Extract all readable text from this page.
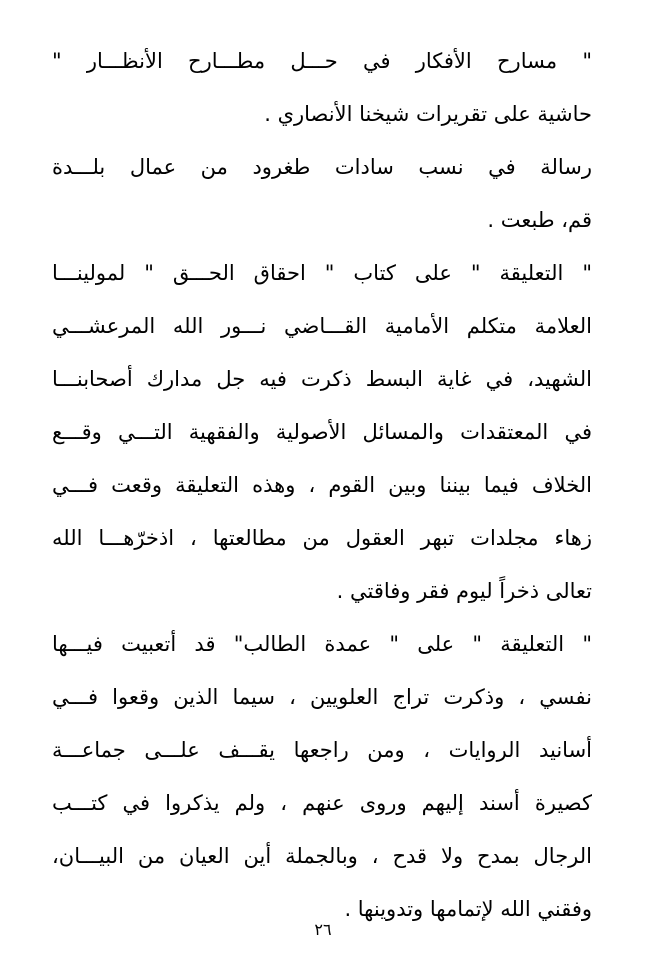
" مسارح الأفكار في حـــل مطـــارح الأنظـــار "
حاشية على تقريرات شيخنا الأنصاري .
رسالة في نسب سادات طغرود من عمال بلـــدة
قم، طبعت .
" التعليقة " على كتاب " احقاق الحـــق " لمولينـــا
العلامة متكلم الأمامية القـــاضي نـــور الله المرعشـــي
الشهيد، في غاية البسط ذكرت فيه جل مدارك أصحابنـــا
في المعتقدات والمسائل الأصولية والفقهية التـــي وقـــع
الخلاف فيما بيننا وبين القوم ، وهذه التعليقة وقعت فـــي
زهاء مجلدات تبهر العقول من مطالعتها ، اذخرّهـــا الله
تعالى ذخراً ليوم فقر وفاقتي .
" التعليقة " على " عمدة الطالب" قد أتعبيت فيـــها
نفسي ، وذكرت تراج العلويين ، سيما الذين وقعوا فـــي
أسانيد الروايات ، ومن راجعها يقـــف علـــى جماعـــة
كصيرة أسند إليهم وروى عنهم ، ولم يذكروا في كتـــب
الرجال بمدح ولا قدح ، وبالجملة أين العيان من البيـــان،
وفقني الله لإتمامها وتدوينها .
٢٦
